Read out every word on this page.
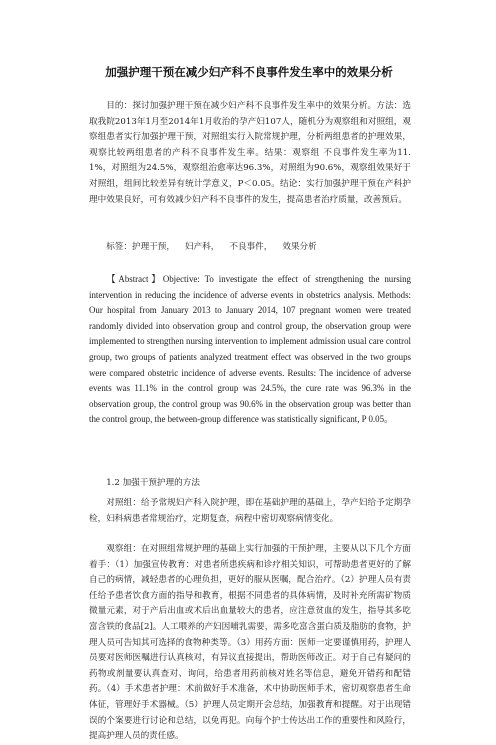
加强护理干预在减少妇产科不良事件发生率中的效果分析

目的：探讨加强护理干预在减少妇产科不良事件发生率中的效果分析。方法：选取我院2013年1月至2014年1月收治的孕产妇107人，随机分为观察组和对照组，观察组患者实行加强护理干预，对照组实行入院常规护理，分析两组患者的护理效果，观察比较两组患者的产科不良事件发生率。结果：观察组 不良事件发生率为11.1%，对照组为24.5%，观察组治愈率达96.3%，对照组为90.6%，观察组效果好于对照组，组间比较差异有统计学意义，P＜0.05。结论：实行加强护理干预在产科护理中效果良好，可有效减少妇产科不良事件的发生，提高患者治疗质量，改善预后。

标签：护理干预， 妇产科， 不良事件， 效果分析

【Abstract】Objective: To investigate the effect of strengthening the nursing intervention in reducing the incidence of adverse events in obstetrics analysis. Methods: Our hospital from January 2013 to January 2014, 107 pregnant women were treated randomly divided into observation group and control group, the observation group were implemented to strengthen nursing intervention to implement admission usual care control group, two groups of patients analyzed treatment effect was observed in the two groups were compared obstetric incidence of adverse events. Results: The incidence of adverse events was 11.1% in the control group was 24.5%, the cure rate was 96.3% in the observation group, the control group was 90.6% in the observation group was better than the control group, the between-group difference was statistically significant, P 0.05。

1.2 加强干预护理的方法

对照组：给予常规妇产科入院护理，即在基础护理的基础上，孕产妇给予定期孕检，妇科病患者常规治疗，定期复查，病程中密切观察病情变化。

观察组：在对照组常规护理的基础上实行加强的干预护理，主要从以下几个方面着手：（1）加强宣传教育：对患者所患疾病和诊疗相关知识，可帮助患者更好的了解自己的病情，减轻患者的心理负担，更好的服从医嘱，配合治疗。（2）护理人员有责任给予患者饮食方面的指导和教育，根据不同患者的具体病情，及时补充所需矿物质微量元素，对于产后出血或术后出血量较大的患者，应注意贫血的发生，指导其多吃富含铁的食品[2]。人工喂养的产妇因哺乳需要，需多吃富含蛋白质及脂肪的食物，护理人员可告知其可选择的食物种类等。（3）用药方面：医师一定要谨慎用药，护理人员要对医师医嘱进行认真核对，有异议直接提出，帮助医师改正。对于自己有疑问的药物或剂量要认真查对、询问，给患者用药前核对姓名等信息，避免开错药和配错药。（4）手术患者护理：术前做好手术准备，术中协助医师手术，密切观察患者生命体征，管理好手术器械。（5）护理人员定期开会总结，加强教育和提醒。对于出现错误的个案要进行讨论和总结，以免再犯。向每个护士传达出工作的重要性和风险行，提高护理人员的责任感。
